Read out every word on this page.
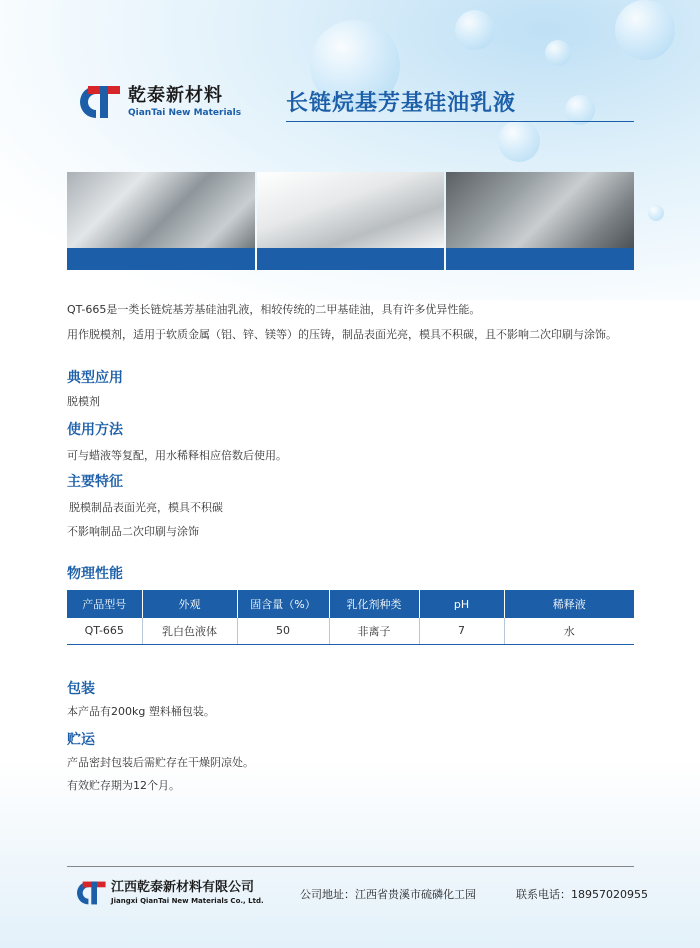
乾泰新材料
QianTai New Materials 长链烷基芳基硅油乳液
QT-665是一类长链烷基芳基硅油乳液，相较传统的二甲基硅油，具有许多优异性能。
用作脱模剂，适用于软质金属（铝、锌、镁等）的压铸，制品表面光亮，模具不积碳，且不影响二次印刷与涂饰。
典型应用
脱模剂
使用方法
可与蜡液等复配，用水稀释相应倍数后使用。
主要特征
脱模制品表面光亮，模具不积碳
不影响制品二次印刷与涂饰
物理性能
产品型号	外观	固含量（%）	乳化剂种类	pH	稀释液
QT-665	乳白色液体	50	非离子	7	水
包装
本产品有200kg 塑料桶包装。
贮运
产品密封包装后需贮存在干燥阴凉处。
有效贮存期为12个月。
江西乾泰新材料有限公司
Jiangxi QianTai New Materials Co., Ltd.	公司地址：江西省贵溪市硫磷化工园	联系电话：18957020955
